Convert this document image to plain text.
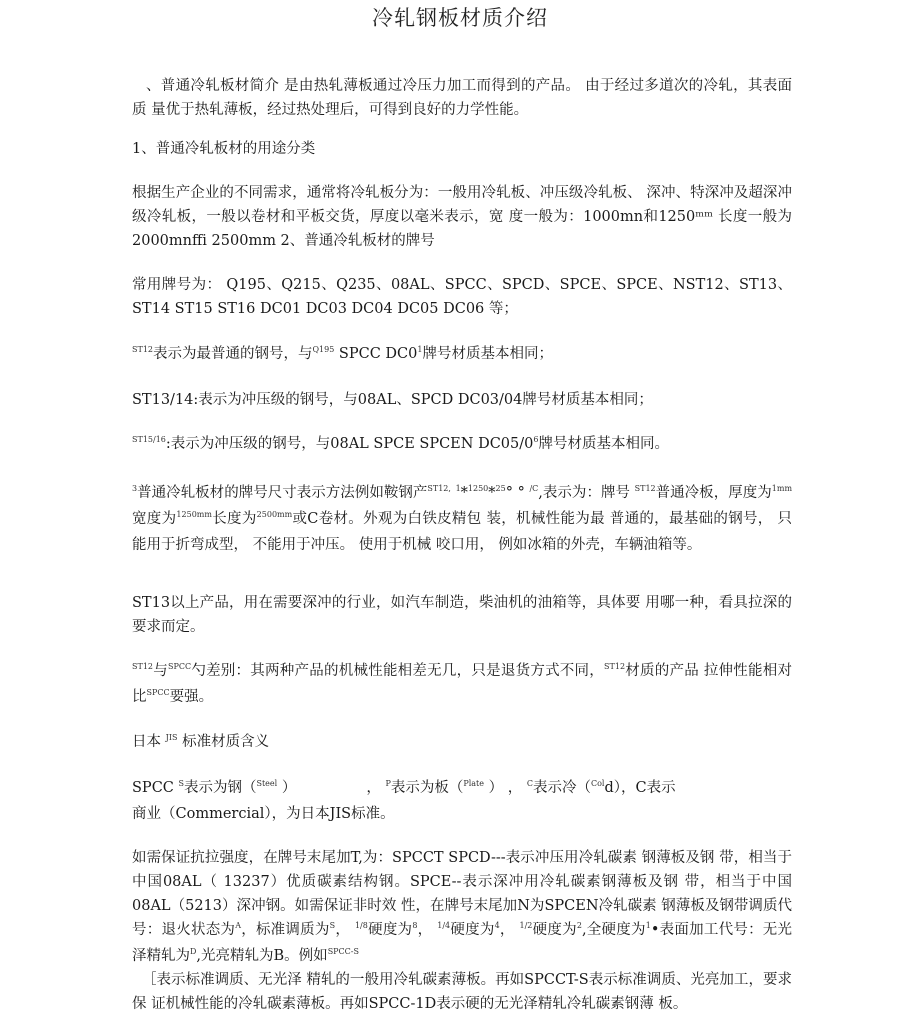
冷轧钢板材质介绍
、普通冷轧板材简介 是由热轧薄板通过冷压力加工而得到的产品。 由于经过多道次的冷轧，其表面质 量优于热轧薄板，经过热处理后，可得到良好的力学性能。
1、普通冷轧板材的用途分类
根据生产企业的不同需求，通常将冷轧板分为：一般用冷轧板、冲压级冷轧板、 深冲、特深冲及超深冲级冷轧板，一般以卷材和平板交货，厚度以毫米表示，宽 度一般为：1000mn和1250ᵐᵐ 长度一般为 2000mnffi 2500mm 2、普通冷轧板材的牌号
常用牌号为： Q195、Q215、Q235、08AL、SPCC、SPCD、SPCE、SPCE、NST12、ST13、ST14 ST15 ST16 DC01 DC03 DC04 DC05 DC06 等；
$^{ST12}$表示为最普通的钢号，与$^{Q195}$ SPCC $DC0^1$牌号材质基本相同；
ST13/14:表示为冲压级的钢号，与08AL、SPCD DC03/04牌号材质基本相同；
$^{ST15/16}$:表示为冲压级的钢号，与08AL SPCE SPCEN $DC05/0^6$牌号材质基本相同。
$^3$普通冷轧板材的牌号尺寸表示方法例如鞍钢产$^{ST12,}$ $^1$*$^{1250}$*$^{25}$° ° $^{/C}$,表示为：牌号 $^{ST12}$普通冷板，厚度为$^{1mm}$宽度为$^{1250mm}$长度为$^{2500mm}$或C卷材。外观为白铁皮精包 装，机械性能为最 普通的，最基础的钢号， 只能用于折弯成型， 不能用于冲压。 使用于机械 咬口用， 例如冰箱的外壳，车辆油箱等。
ST13以上产品，用在需要深冲的行业，如汽车制造，柴油机的油箱等，具体要 用哪一种，看具拉深的要求而定。
$^{ST12}$与$^{SPCC}$勺差别：其两种产品的机械性能相差无几，只是退货方式不同，$^{ST12}$材质的产品 拉伸性能相对比$^{SPCC}$要强。
日本 $^{JIS}$ 标准材质含义
SPCC $^S$表示为钢（$^{Steel}$ ）	， $^P$表示为板（$^{Plate}$ ） ， $^C$表示冷（$^{Col}$d），C表示
商业（Commercial），为日本JIS标准。
如需保证抗拉强度，在牌号末尾加T,为：SPCCT SPCD---表示冲压用冷轧碳素 钢薄板及钢 带，相当于中国08AL（ 13237）优质碳素结构钢。SPCE--表示深冲用冷轧碳素钢薄板及钢 带，相当于中国08AL（5213）深冲钢。如需保证非时效 性，在牌号末尾加N为SPCEN冷轧碳素 钢薄板及钢带调质代号：退火状态为$^A$，标准调质为$^S$， $^{1/8}$硬度为$^8$， $^{1/4}$硬度为$^4$， $^{1/2}$硬度为$^2$,全硬度为$^1$•表面加工代号：无光泽精轧为$^D$,光亮精轧为B。例如$^{SPCC-S}$
［表示标准调质、无光泽 精轧的一般用冷轧碳素薄板。再如SPCCT-S表示标准调质、光亮加工，要求保 证机械性能的冷轧碳素薄板。再如SPCC-1D表示硬的无光泽精轧冷轧碳素钢薄 板。
